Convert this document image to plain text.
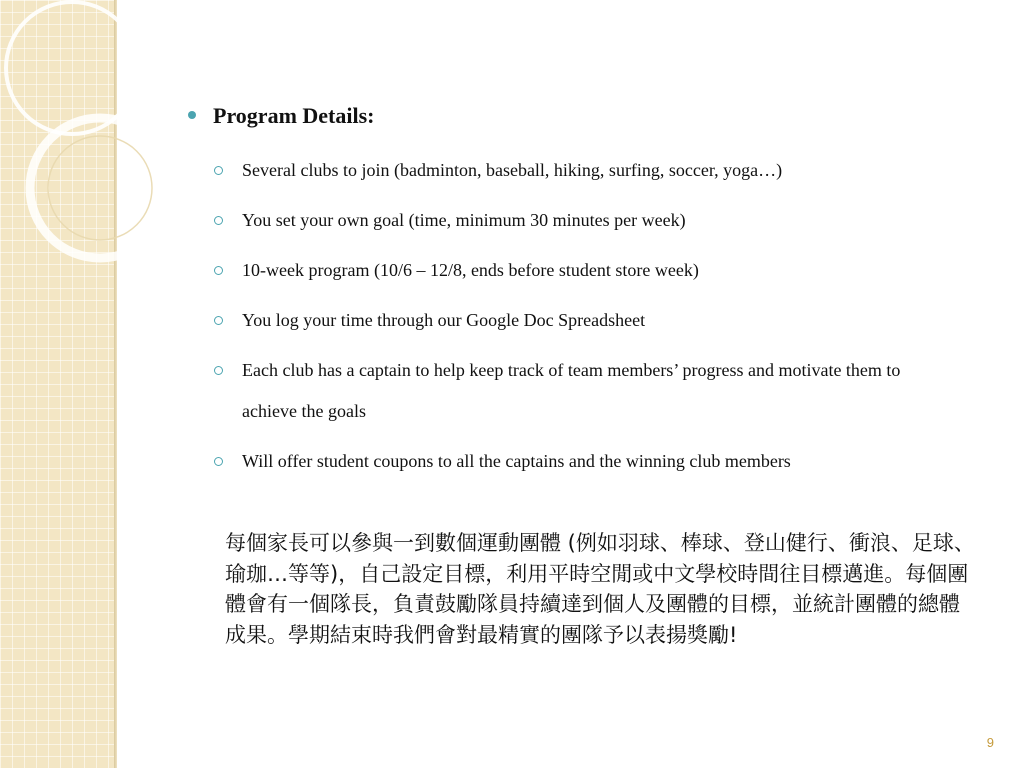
Program Details:
Several clubs to join (badminton, baseball, hiking, surfing, soccer, yoga…)
You set your own goal (time, minimum 30 minutes per week)
10-week program (10/6 – 12/8, ends before student store week)
You log your time through our Google Doc Spreadsheet
Each club has a captain to help keep track of team members’ progress and motivate them to achieve the goals
Will offer student coupons to all the captains and the winning club members
每個家長可以參與一到數個運動團體 (例如羽球、棒球、登山健行、衝浪、足球、瑜珈…等等)，自己設定目標，利用平時空閒或中文學校時間往目標邁進。每個團體會有一個隊長，負責鼓勵隊員持續達到個人及團體的目標，並統計團體的總體成果。學期結束時我們會對最精實的團隊予以表揚獎勵!
9
